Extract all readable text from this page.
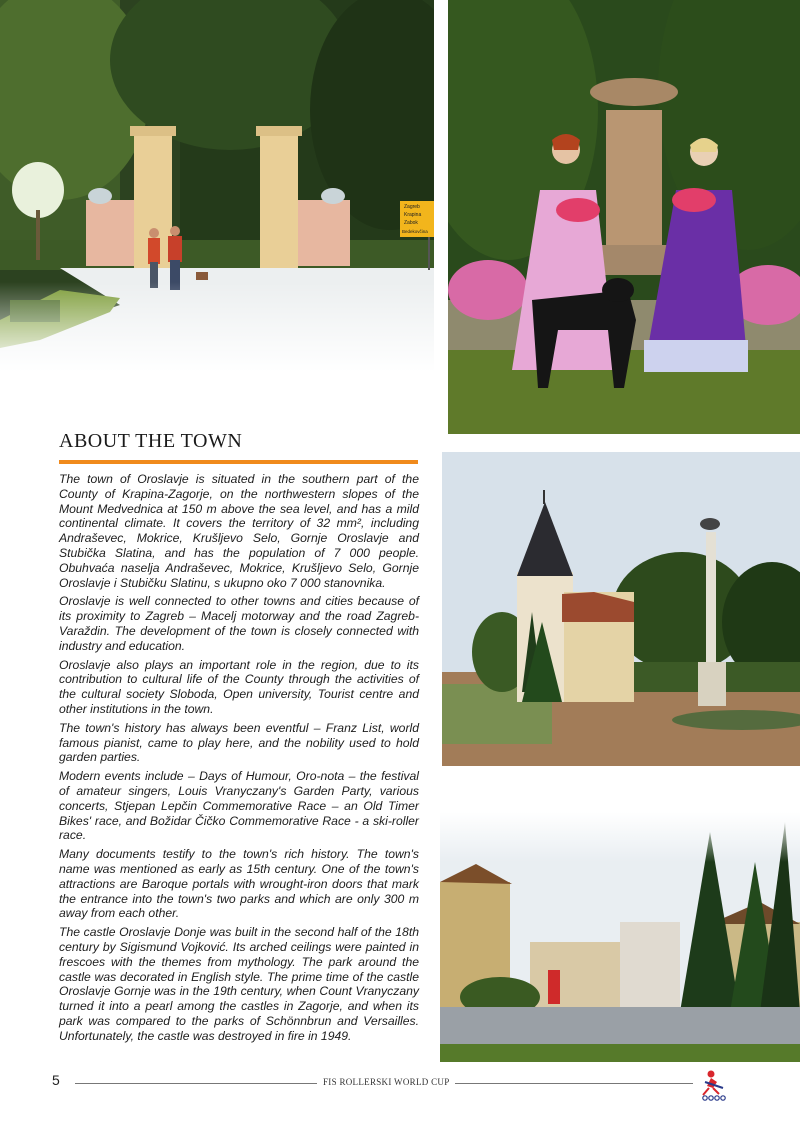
Zagreb
Krapina
Zabok
Bedekovčina
ABOUT THE TOWN

The town of Oroslavje is situated in the southern part of the County of Krapina-Zagorje, on the northwestern slopes of the Mount Medvednica at 150 m above the sea level, and has a mild continental climate. It covers the territory of 32 mm², including Andraševec, Mokrice, Krušljevo Selo, Gornje Oroslavje and Stubička Slatina, and has the population of 7 000 people. Obuhvaća naselja Andraševec, Mokrice, Krušljevo Selo, Gornje Oroslavje i Stubičku Slatinu, s ukupno oko 7 000 stanovnika.

Oroslavje is well connected to other towns and cities because of its proximity to Zagreb – Macelj motorway and the road Zagreb-Varaždin. The development of the town is closely connected with industry and education.

Oroslavje also plays an important role in the region, due to its contribution to cultural life of the County through the activities of the cultural society Sloboda, Open university, Tourist centre and other institutions in the town.

The town's history has always been eventful – Franz List, world famous pianist, came to play here, and the nobility used to hold garden parties.

Modern events include – Days of Humour, Oro-nota – the festival of amateur singers, Louis Vranyczany's Garden Party, various concerts, Stjepan Lepčin Commemorative Race – an Old Timer Bikes' race, and Božidar Čičko Commemorative Race - a ski-roller race.

Many documents testify to the town's rich history. The town's name was mentioned as early as 15th century. One of the town's attractions are Baroque portals with wrought-iron doors that mark the entrance into the town's two parks and which are only 300 m away from each other.

The castle Oroslavje Donje was built in the second half of the 18th century by Sigismund Vojković. Its arched ceilings were painted in frescoes with the themes from mythology. The park around the castle was decorated in English style. The prime time of the castle Oroslavje Gornje was in the 19th century, when Count Vranyczany turned it into a pearl among the castles in Zagorje, and when its park was compared to the parks of Schönnbrun and Versailles. Unfortunately, the castle was destroyed in fire in 1949.

5	FIS ROLLERSKI WORLD CUP
